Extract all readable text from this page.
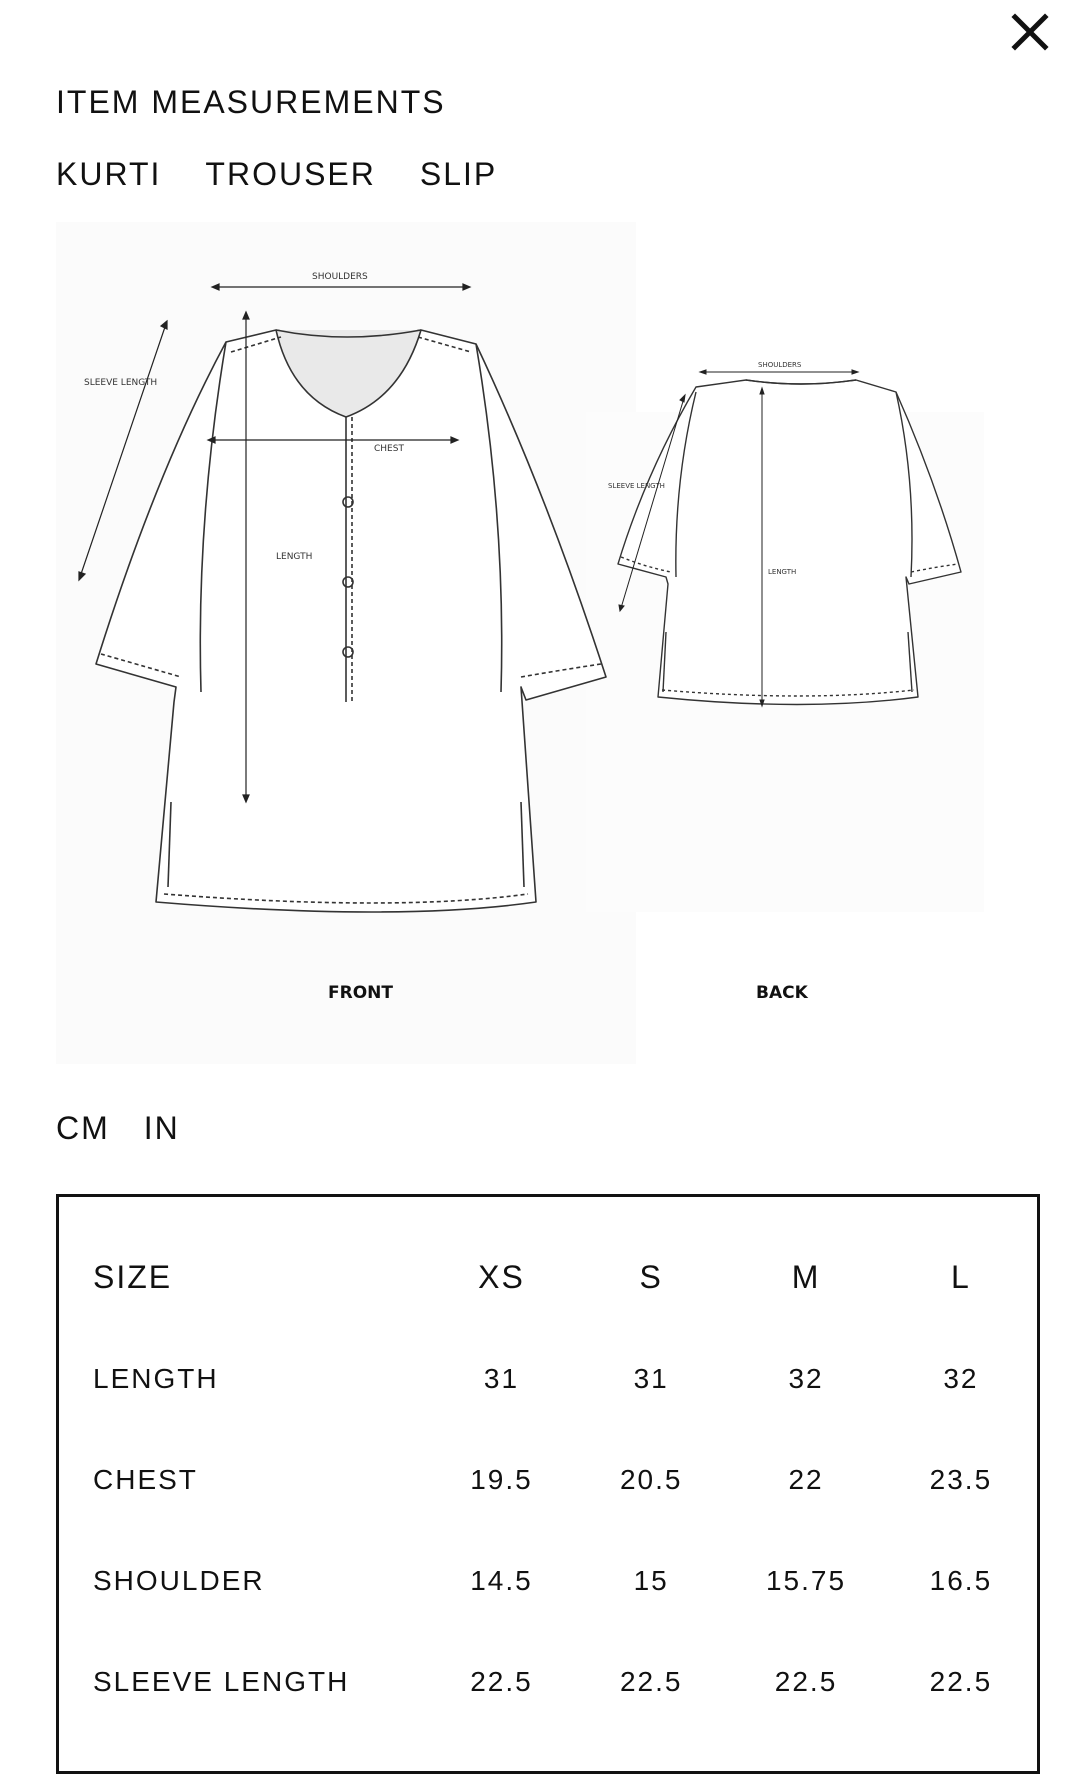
ITEM MEASUREMENTS
KURTI TROUSER SLIP
SHOULDERS
SLEEVE LENGTH
CHEST
LENGTH
SHOULDERS
SLEEVE LENGTH
LENGTH
FRONT	BACK
CM IN
SIZE	XS	S	M	L
LENGTH	31	31	32	32
CHEST	19.5	20.5	22	23.5
SHOULDER	14.5	15	15.75	16.5
SLEEVE LENGTH	22.5	22.5	22.5	22.5
